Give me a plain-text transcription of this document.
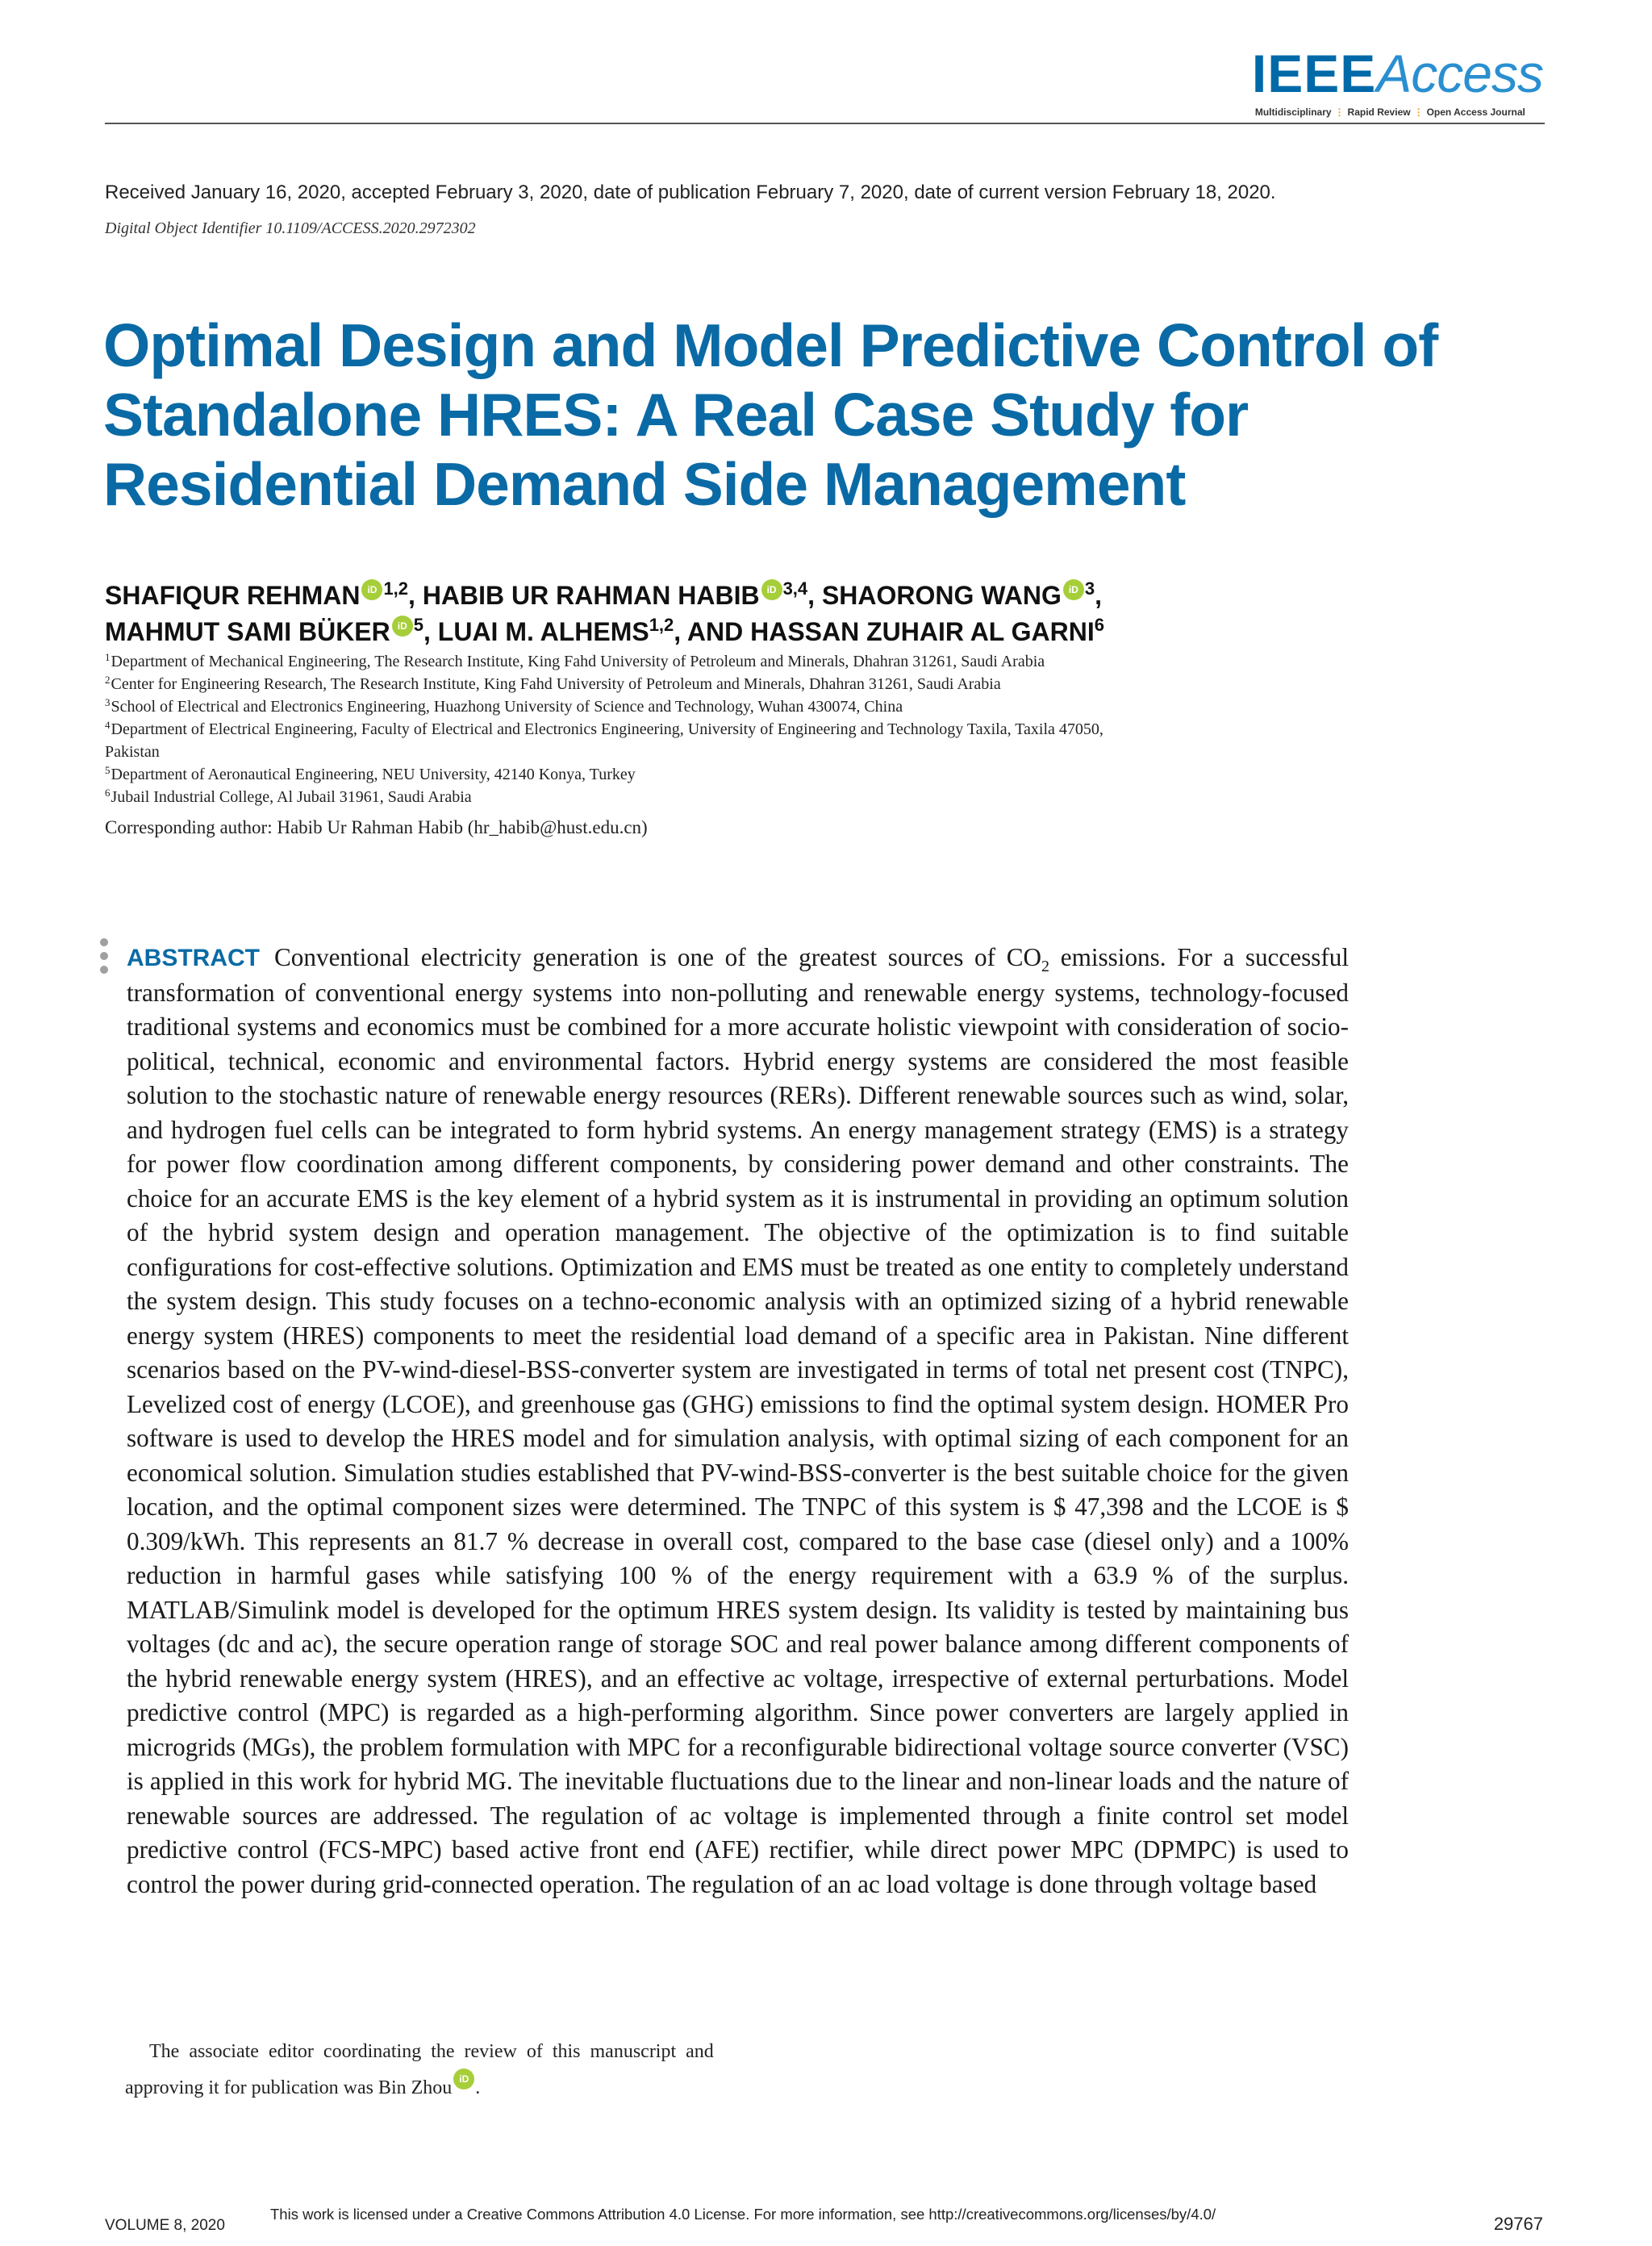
IEEEAccess
Multidisciplinary ⋮ Rapid Review ⋮ Open Access Journal
Received January 16, 2020, accepted February 3, 2020, date of publication February 7, 2020, date of current version February 18, 2020.
Digital Object Identifier 10.1109/ACCESS.2020.2972302
Optimal Design and Model Predictive Control of
Standalone HRES: A Real Case Study for
Residential Demand Side Management
SHAFIQUR REHMAN iD $^{1,2}$, HABIB UR RAHMAN HABIB iD $^{3,4}$, SHAORONG WANG iD $^3$,
MAHMUT SAMI BÜKER iD $^5$, LUAI M. ALHEMS$^{1,2}$, AND HASSAN ZUHAIR AL GARNI$^6$
$^1$Department of Mechanical Engineering, The Research Institute, King Fahd University of Petroleum and Minerals, Dhahran 31261, Saudi Arabia
$^2$Center for Engineering Research, The Research Institute, King Fahd University of Petroleum and Minerals, Dhahran 31261, Saudi Arabia
$^3$School of Electrical and Electronics Engineering, Huazhong University of Science and Technology, Wuhan 430074, China
$^4$Department of Electrical Engineering, Faculty of Electrical and Electronics Engineering, University of Engineering and Technology Taxila, Taxila 47050,
Pakistan
$^5$Department of Aeronautical Engineering, NEU University, 42140 Konya, Turkey
$^6$Jubail Industrial College, Al Jubail 31961, Saudi Arabia
Corresponding author: Habib Ur Rahman Habib (hr_habib@hust.edu.cn)

ABSTRACT Conventional electricity generation is one of the greatest sources of $CO_2$ emissions. For a successful transformation of conventional energy systems into non-polluting and renewable energy systems, technology-focused traditional systems and economics must be combined for a more accurate holistic viewpoint with consideration of socio-political, technical, economic and environmental factors. Hybrid energy systems are considered the most feasible solution to the stochastic nature of renewable energy resources (RERs). Different renewable sources such as wind, solar, and hydrogen fuel cells can be integrated to form hybrid systems. An energy management strategy (EMS) is a strategy for power flow coordination among different components, by considering power demand and other constraints. The choice for an accurate EMS is the key element of a hybrid system as it is instrumental in providing an optimum solution of the hybrid system design and operation management. The objective of the optimization is to find suitable configurations for cost-effective solutions. Optimization and EMS must be treated as one entity to completely understand the system design. This study focuses on a techno-economic analysis with an optimized sizing of a hybrid renewable energy system (HRES) components to meet the residential load demand of a specific area in Pakistan. Nine different scenarios based on the PV-wind-diesel-BSS-converter system are investigated in terms of total net present cost (TNPC), Levelized cost of energy (LCOE), and greenhouse gas (GHG) emissions to find the optimal system design. HOMER Pro software is used to develop the HRES model and for simulation analysis, with optimal sizing of each component for an economical solution. Simulation studies established that PV-wind-BSS-converter is the best suitable choice for the given location, and the optimal component sizes were determined. The TNPC of this system is $ 47,398 and the LCOE is $ 0.309/kWh. This represents an 81.7 % decrease in overall cost, compared to the base case (diesel only) and a 100% reduction in harmful gases while satisfying 100 % of the energy requirement with a 63.9 % of the surplus. MATLAB/Simulink model is developed for the optimum HRES system design. Its validity is tested by maintaining bus voltages (dc and ac), the secure operation range of storage SOC and real power balance among different components of the hybrid renewable energy system (HRES), and an effective ac voltage, irrespective of external perturbations. Model predictive control (MPC) is regarded as a high-performing algorithm. Since power converters are largely applied in microgrids (MGs), the problem formulation with MPC for a reconfigurable bidirectional voltage source converter (VSC) is applied in this work for hybrid MG. The inevitable fluctuations due to the linear and non-linear loads and the nature of renewable sources are addressed. The regulation of ac voltage is implemented through a finite control set model predictive control (FCS-MPC) based active front end (AFE) rectifier, while direct power MPC (DPMPC) is used to control the power during grid-connected operation. The regulation of an ac load voltage is done through voltage based

The associate editor coordinating the review of this manuscript and
approving it for publication was Bin Zhou iD .
VOLUME 8, 2020
This work is licensed under a Creative Commons Attribution 4.0 License. For more information, see http://creativecommons.org/licenses/by/4.0/	29767
